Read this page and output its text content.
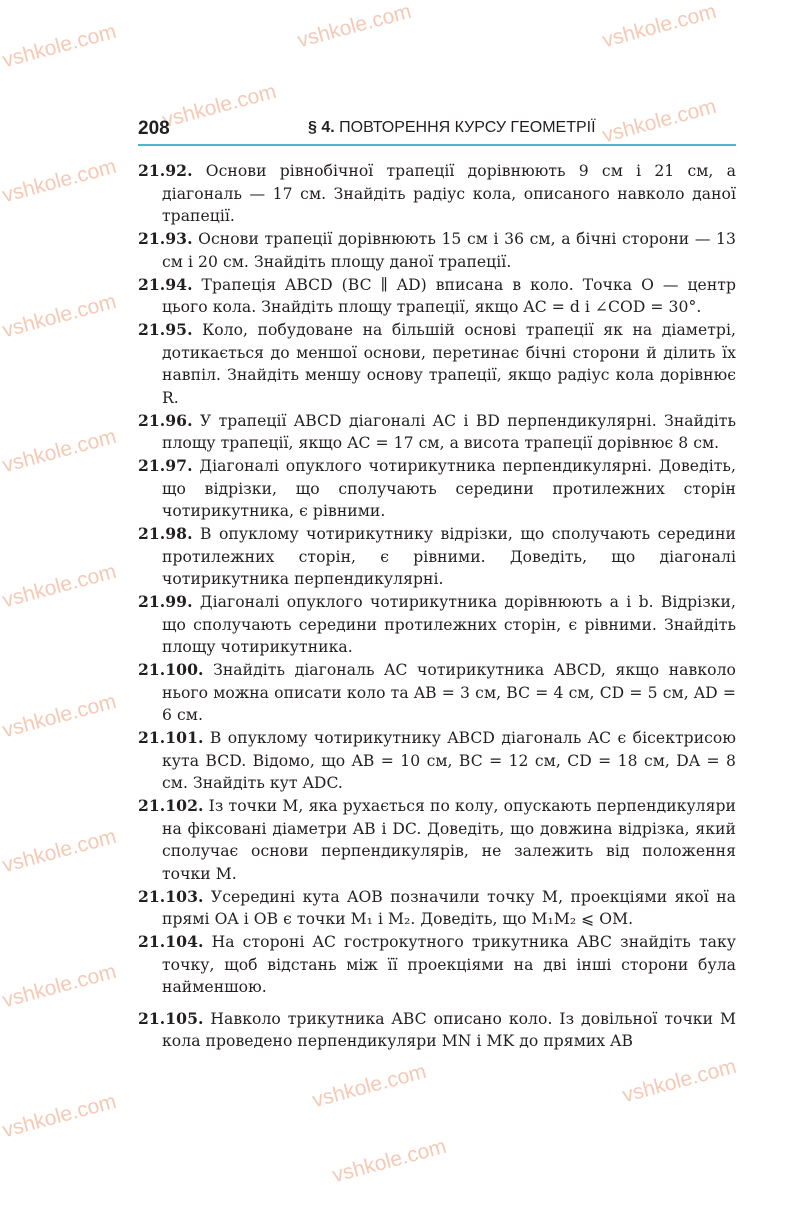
vshkole.com	vshkole.com	vshkole.com
vshkole.com	vshkole.com
vshkole.com
vshkole.com
vshkole.com
vshkole.com
vshkole.com
vshkole.com
vshkole.com
vshkole.com
vshkole.com	vshkole.com
vshkole.com
208	§ 4. ПОВТОРЕННЯ КУРСУ ГЕОМЕТРІЇ

21.92. Основи рівнобічної трапеції дорівнюють 9 см і 21 см, а діагональ — 17 см. Знайдіть радіус кола, описаного навколо даної трапеції.

21.93. Основи трапеції дорівнюють 15 см і 36 см, а бічні сторони — 13 см і 20 см. Знайдіть площу даної трапеції.

21.94. Трапеція ABCD (BC ∥ AD) вписана в коло. Точка O — центр цього кола. Знайдіть площу трапеції, якщо AC = d і ∠COD = 30°.

21.95. Коло, побудоване на більшій основі трапеції як на діаметрі, дотикається до меншої основи, перетинає бічні сторони й ділить їх навпіл. Знайдіть меншу основу трапеції, якщо радіус кола дорівнює R.

21.96. У трапеції ABCD діагоналі AC і BD перпендикулярні. Знайдіть площу трапеції, якщо AC = 17 см, а висота трапеції дорівнює 8 см.

21.97. Діагоналі опуклого чотирикутника перпендикулярні. Доведіть, що відрізки, що сполучають середини протилежних сторін чотирикутника, є рівними.

21.98. В опуклому чотирикутнику відрізки, що сполучають середини протилежних сторін, є рівними. Доведіть, що діагоналі чотирикутника перпендикулярні.

21.99. Діагоналі опуклого чотирикутника дорівнюють a і b. Відрізки, що сполучають середини протилежних сторін, є рівними. Знайдіть площу чотирикутника.

21.100. Знайдіть діагональ AC чотирикутника ABCD, якщо навколо нього можна описати коло та AB = 3 см, BC = 4 см, CD = 5 см, AD = 6 см.

21.101. В опуклому чотирикутнику ABCD діагональ AC є бісектрисою кута BCD. Відомо, що AB = 10 см, BC = 12 см, CD = 18 см, DA = 8 см. Знайдіть кут ADC.

21.102. Із точки M, яка рухається по колу, опускають перпендикуляри на фіксовані діаметри AB і DC. Доведіть, що довжина відрізка, який сполучає основи перпендикулярів, не залежить від положення точки M.

21.103. Усередині кута AOB позначили точку M, проекціями якої на прямі OA і OB є точки M₁ і M₂. Доведіть, що M₁M₂ ⩽ OM.

21.104. На стороні AC гострокутного трикутника ABC знайдіть таку точку, щоб відстань між її проекціями на дві інші сторони була найменшою.

21.105. Навколо трикутника ABC описано коло. Із довільної точки M кола проведено перпендикуляри MN і MK до прямих AB
